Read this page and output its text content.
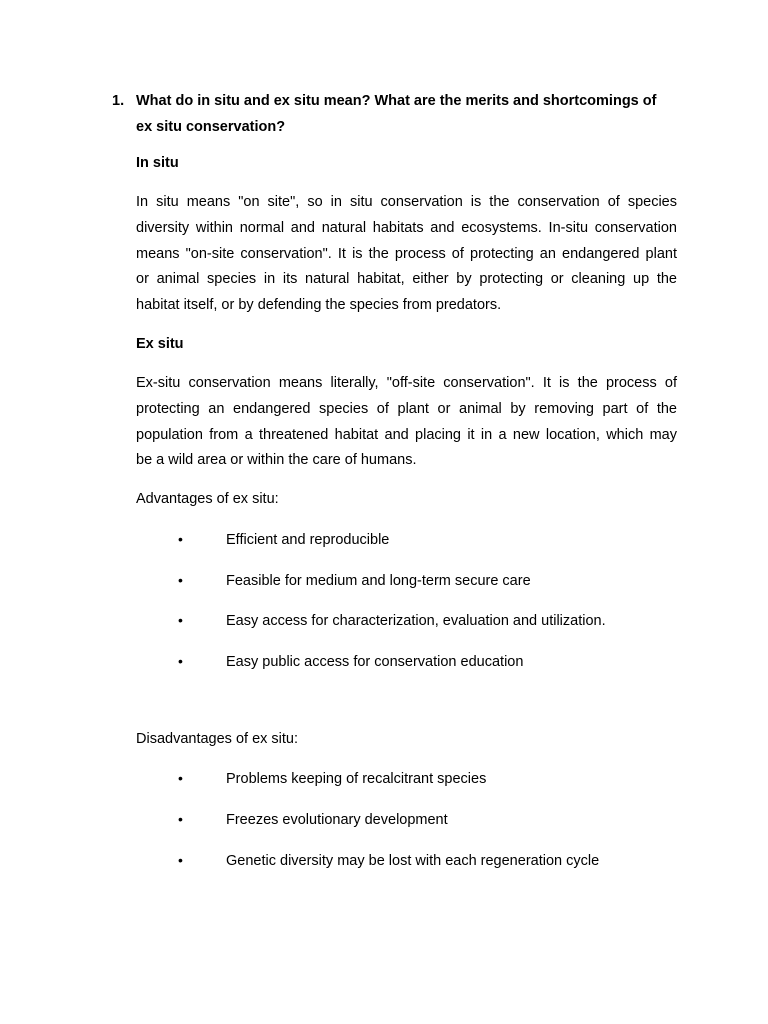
1. What do in situ and ex situ mean? What are the merits and shortcomings of
ex situ conservation?
In situ
In situ means "on site", so in situ conservation is the conservation of species
diversity within normal and natural habitats and ecosystems. In-situ conservation
means "on-site conservation". It is the process of protecting an endangered plant
or animal species in its natural habitat, either by protecting or cleaning up the
habitat itself, or by defending the species from predators.
Ex situ
Ex-situ conservation means literally, "off-site conservation". It is the process of
protecting an endangered species of plant or animal by removing part of the
population from a threatened habitat and placing it in a new location, which may
be a wild area or within the care of humans.
Advantages of ex situ:
•	Efficient and reproducible
•	Feasible for medium and long-term secure care
•	Easy access for characterization, evaluation and utilization.
•	Easy public access for conservation education
Disadvantages of ex situ:
•	Problems keeping of recalcitrant species
•	Freezes evolutionary development
•	Genetic diversity may be lost with each regeneration cycle
